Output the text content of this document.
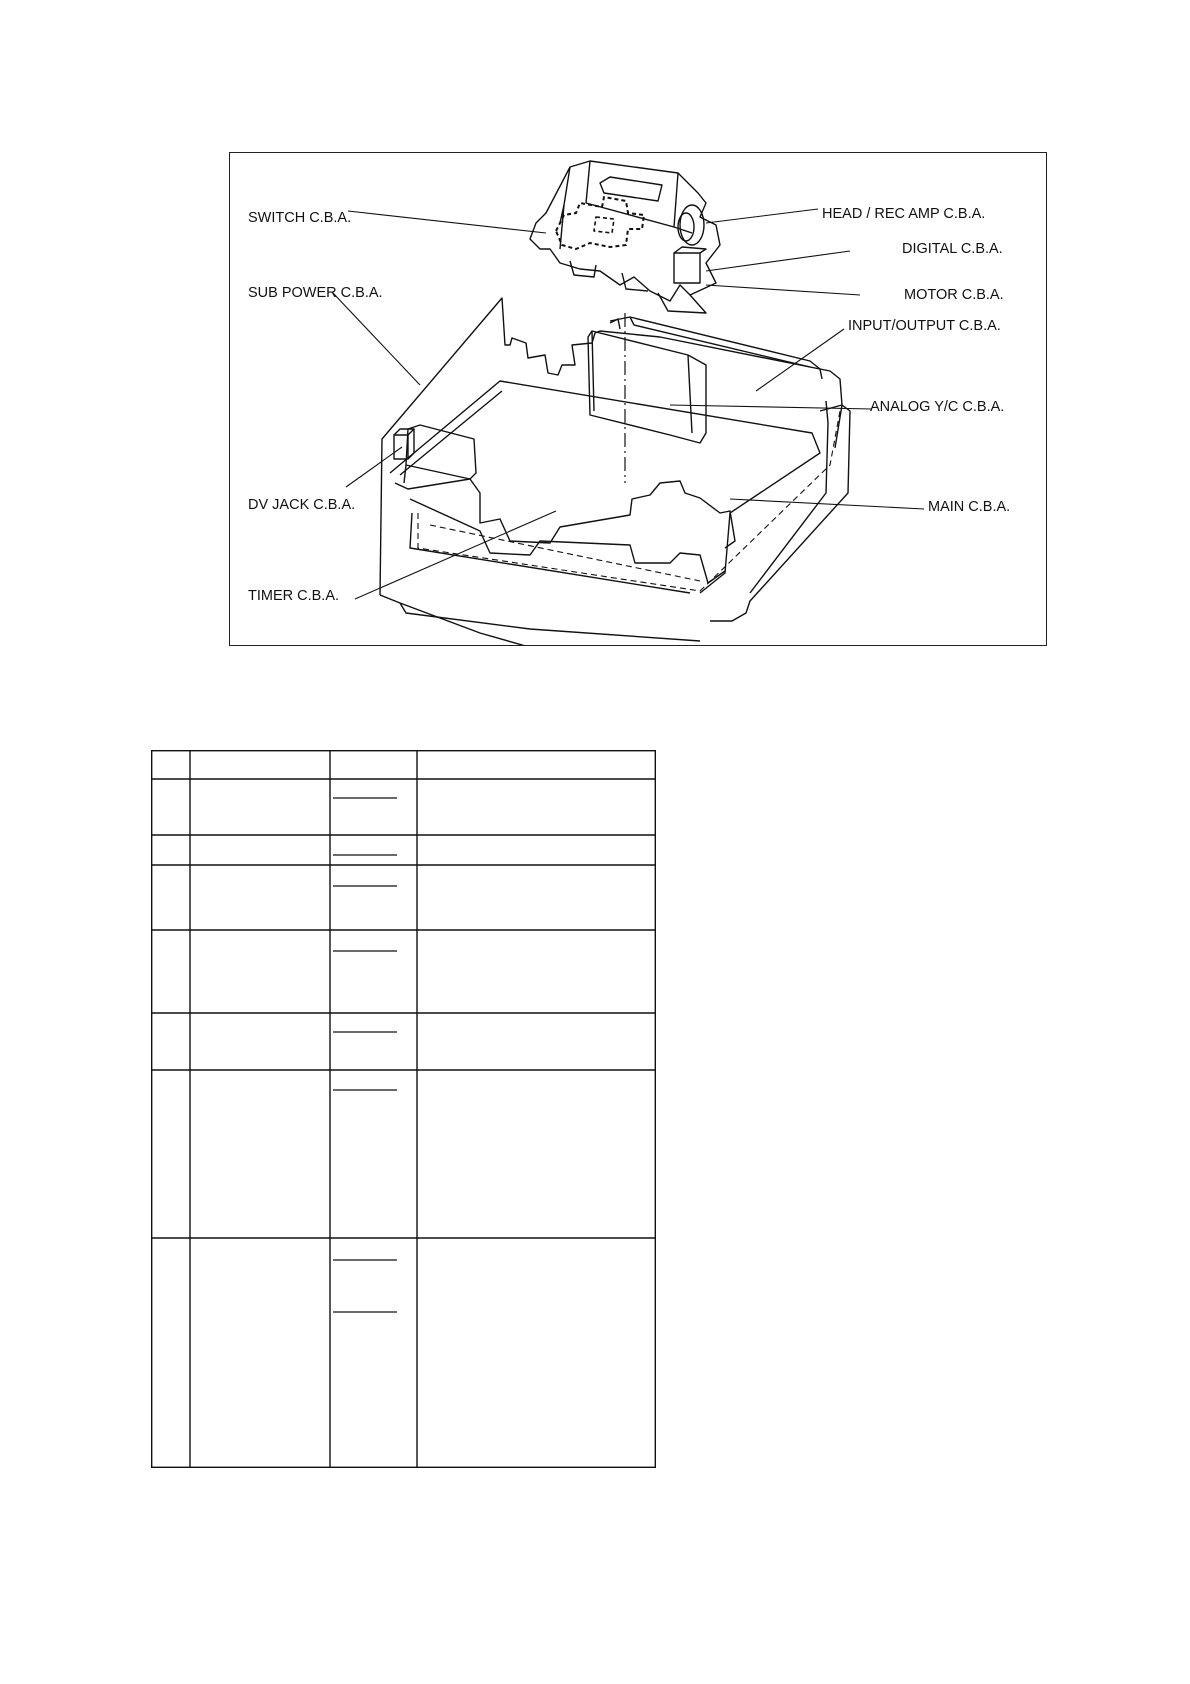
SWITCH C.B.A.
SUB POWER C.B.A.
DV JACK C.B.A.
TIMER C.B.A.
HEAD / REC AMP C.B.A.
DIGITAL C.B.A.
MOTOR C.B.A.
INPUT/OUTPUT C.B.A.
ANALOG Y/C C.B.A.
MAIN C.B.A.
